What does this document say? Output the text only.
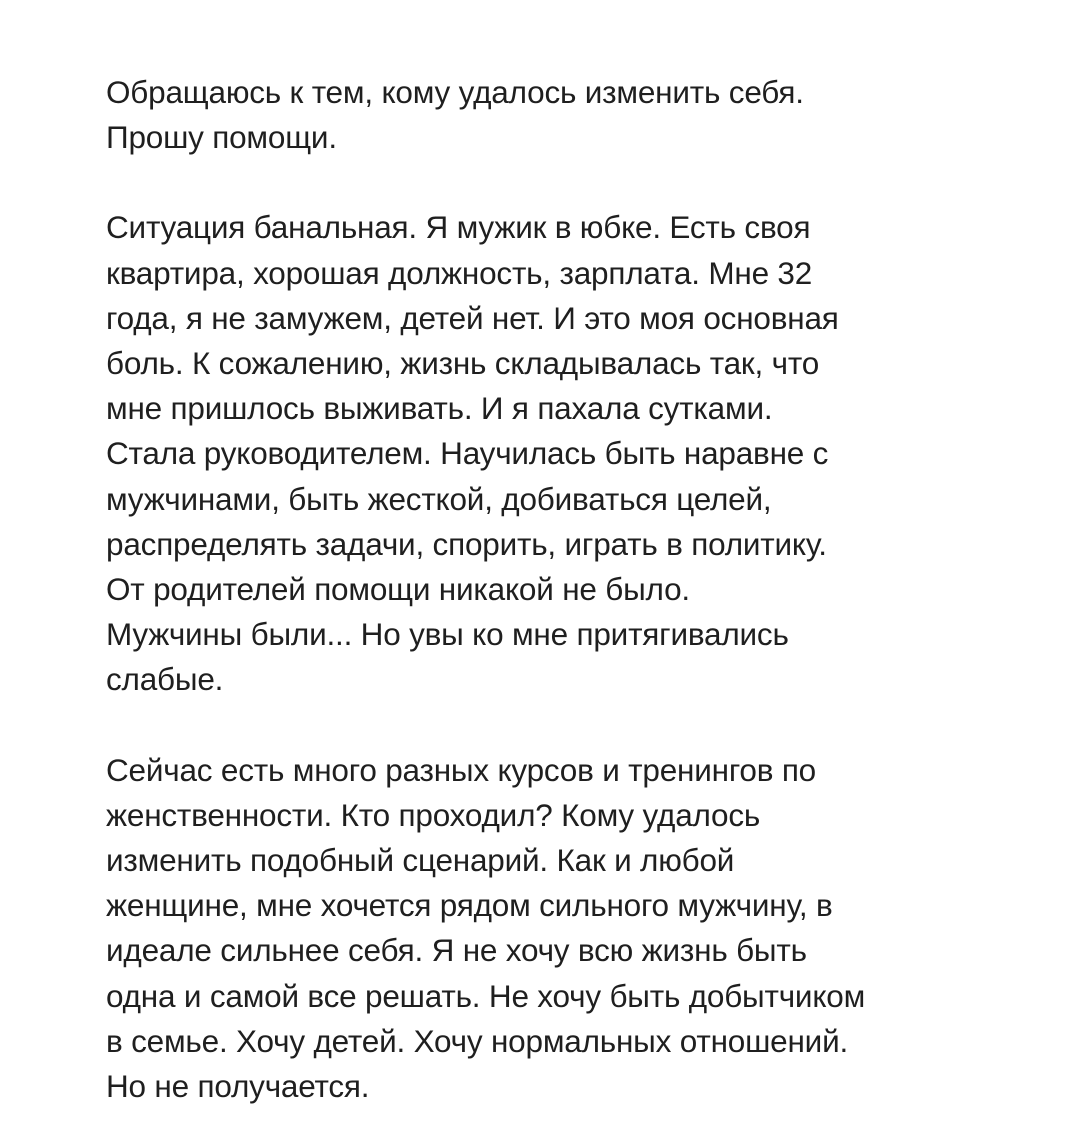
Обращаюсь к тем, кому удалось изменить себя.
Прошу помощи.
Ситуация банальная. Я мужик в юбке. Есть своя
квартира, хорошая должность, зарплата. Мне 32
года, я не замужем, детей нет. И это моя основная
боль. К сожалению, жизнь складывалась так, что
мне пришлось выживать. И я пахала сутками.
Стала руководителем. Научилась быть наравне с
мужчинами, быть жесткой, добиваться целей,
распределять задачи, спорить, играть в политику.
От родителей помощи никакой не было.
Мужчины были... Но увы ко мне притягивались
слабые.
Сейчас есть много разных курсов и тренингов по
женственности. Кто проходил? Кому удалось
изменить подобный сценарий. Как и любой
женщине, мне хочется рядом сильного мужчину, в
идеале сильнее себя. Я не хочу всю жизнь быть
одна и самой все решать. Не хочу быть добытчиком
в семье. Хочу детей. Хочу нормальных отношений.
Но не получается.
